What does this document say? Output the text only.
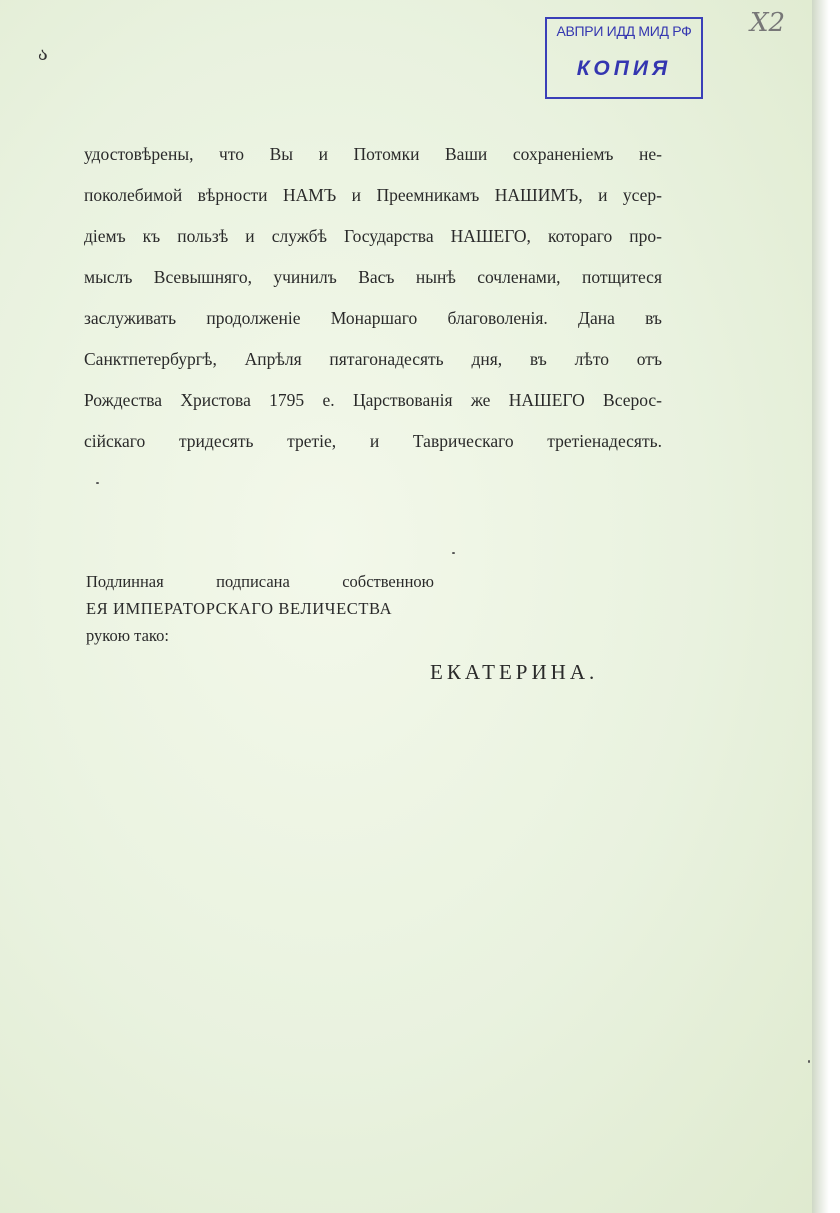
ა
АВПРИ ИДД МИД РФ
КОПИЯ
Х2
удостовѣрены, что Вы и Потомки Ваши сохраненіемъ не-
поколебимой вѣрности НАМЪ и Преемникамъ НАШИМЪ, и усер-
діемъ къ пользѣ и службѣ Государства НАШЕГО, котораго про-
мыслъ Всевышняго, учинилъ Васъ нынѣ сочленами, потщитеся
заслуживать продолженіе Монаршаго благоволенія. Дана въ
Санктпетербургѣ, Апрѣля пятагонадесять дня, въ лѣто отъ
Рождества Христова 1795 е. Царствованія же НАШЕГО Всерос-
сійскаго тридесять третіе, и Таврическаго третіенадесять.
Подлинная подписана собственною
ЕЯ ИМПЕРАТОРСКАГО ВЕЛИЧЕСТВА
рукою тако:
ЕКАТЕРИНА.
